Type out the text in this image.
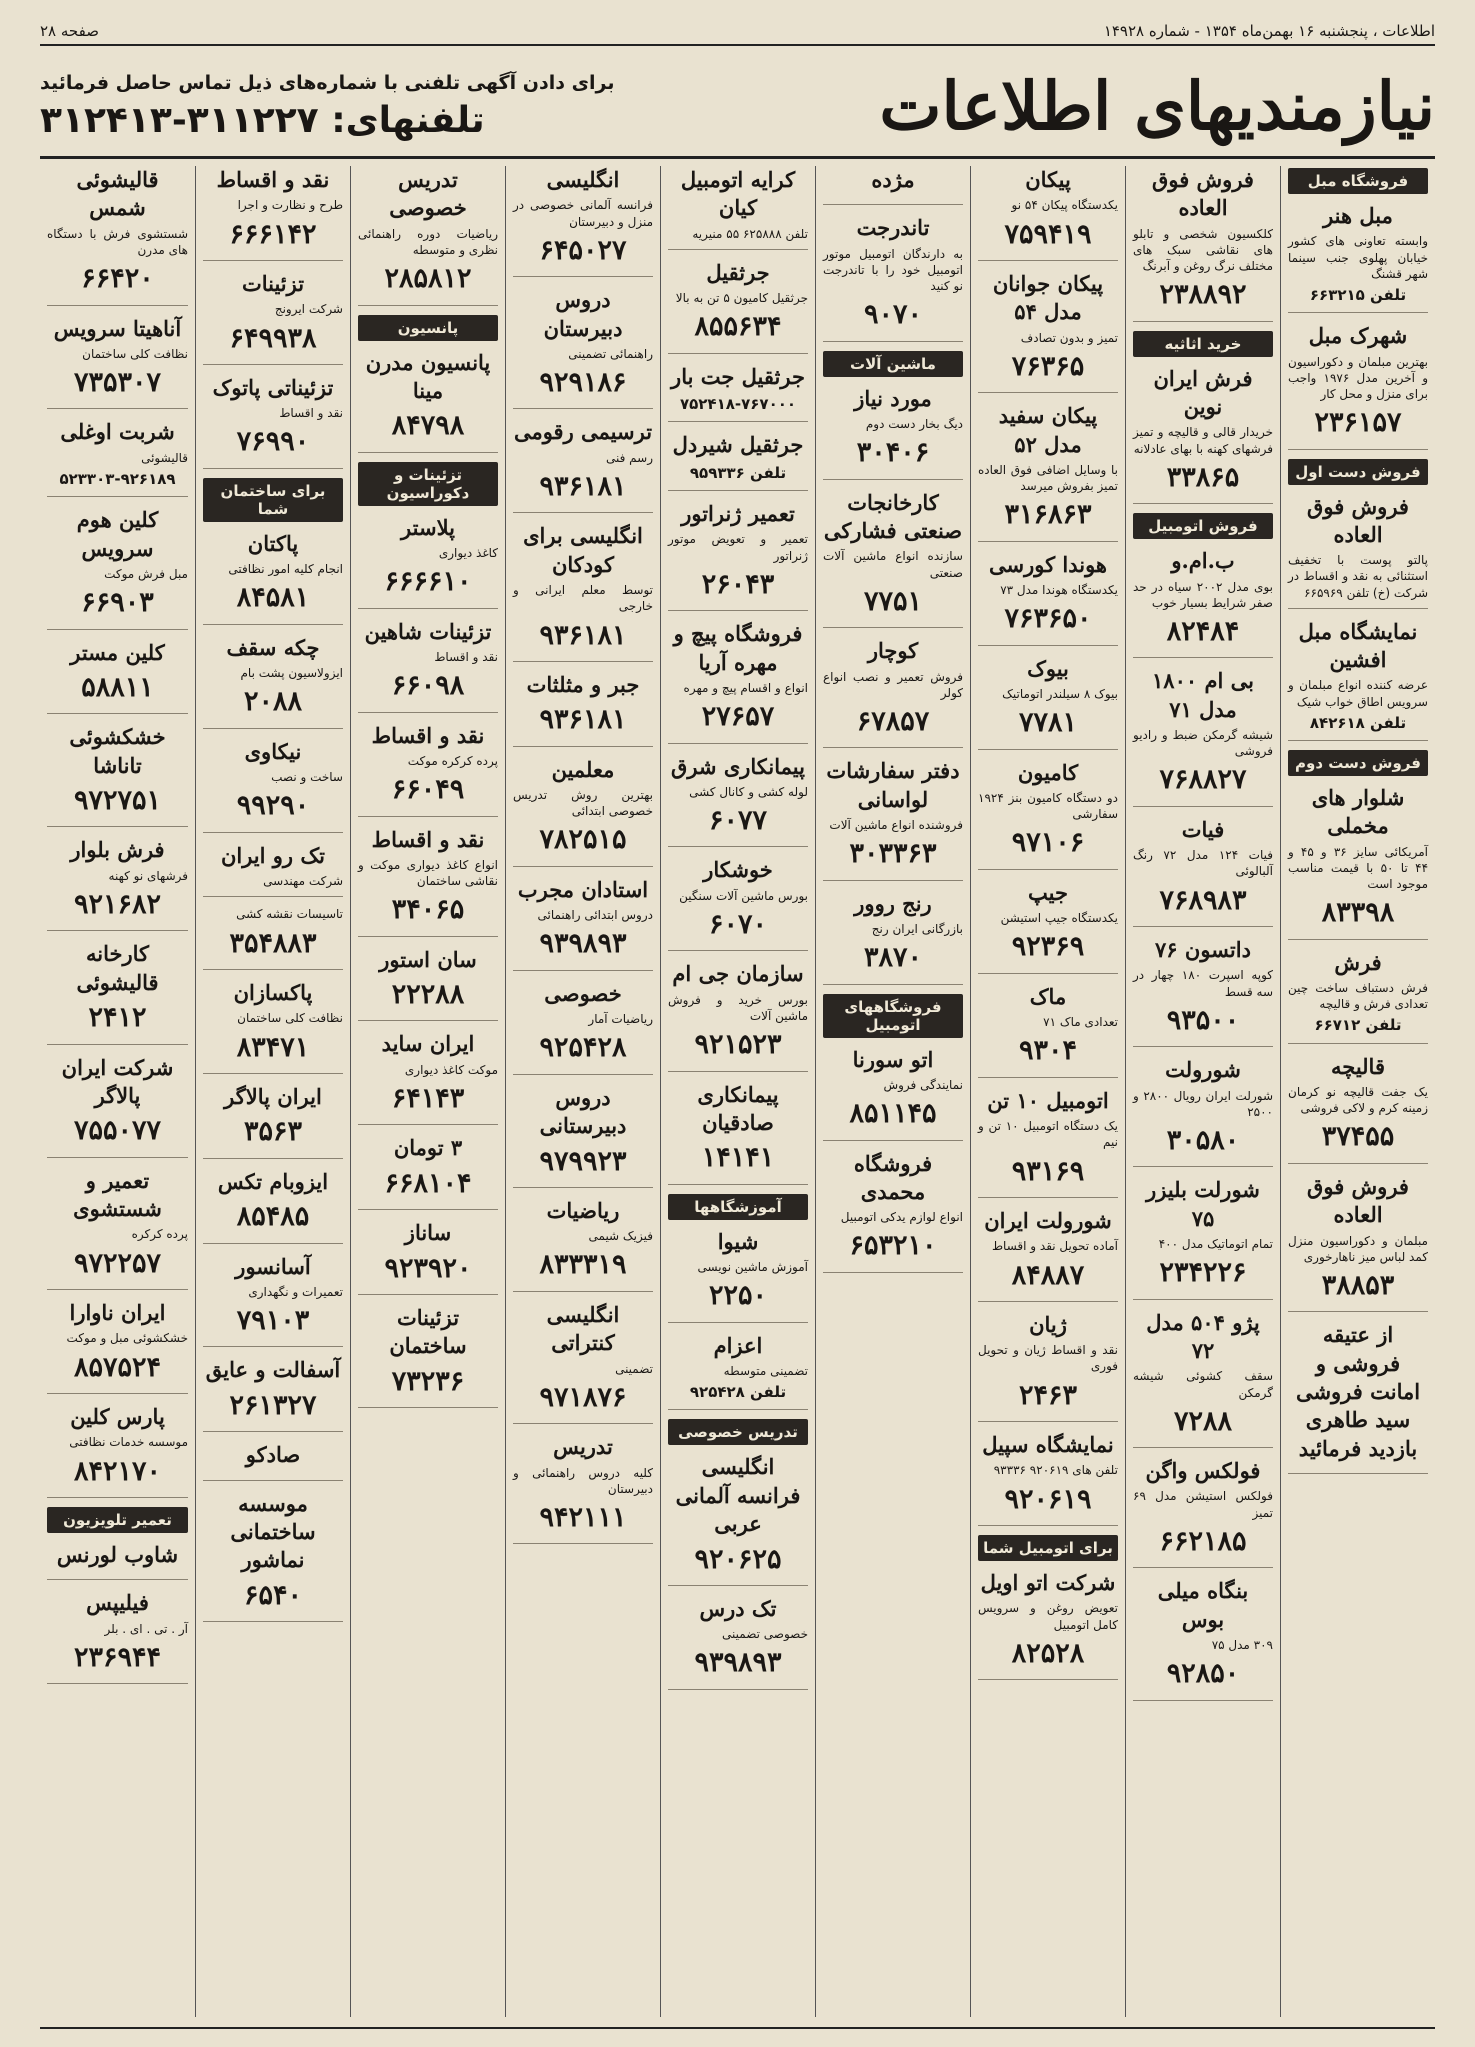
اطلاعات ، پنجشنبه ۱۶ بهمن‌ماه ۱۳۵۴ - شماره ۱۴۹۲۸
صفحه ۲۸
نیازمندیهای اطلاعات
برای دادن آگهی تلفنی با شماره‌های ذیل تماس حاصل فرمائید
تلفنهای: ۳۱۱۲۲۷-۳۱۲۴۱۳
فروشگاه مبل
مبل هنر
وابسته تعاونی های کشور خیابان پهلوی جنب سینما شهر قشنگ
تلفن ۶۶۳۲۱۵
شهرک مبل
بهترین مبلمان و دکوراسیون و آخرین مدل ۱۹۷۶ واجب برای منزل و محل کار
۲۳۶۱۵۷
فروش دست اول
فروش فوق العاده
پالتو پوست با تخفیف استثنائی به نقد و اقساط در شرکت (خ) تلفن ۶۶۵۹۶۹
نمایشگاه مبل افشین
عرضه کننده انواع مبلمان و سرویس اطاق خواب شیک
تلفن ۸۴۲۶۱۸
فروش دست دوم
شلوار های مخملی
آمریکائی سایز ۳۶ و ۴۵ و ۴۴ تا ۵۰ با قیمت مناسب موجود است
۸۳۳۹۸
فرش
فرش دستباف ساخت چین تعدادی فرش و قالیچه
تلفن ۶۶۷۱۲
قالیچه
یک جفت قالیچه نو کرمان زمینه کرم و لاکی فروشی
۳۷۴۵۵
فروش فوق العاده
مبلمان و دکوراسیون منزل کمد لباس میز ناهارخوری
۳۸۸۵۳
از عتیقه فروشی و امانت فروشی سید طاهری بازدید فرمائید
فروش فوق العاده
کلکسیون شخصی و تابلو های نقاشی سبک های مختلف نرگ روغن و آبرنگ
۲۳۸۸۹۲
خرید اثاثیه
فرش ایران نوین
خریدار قالی و قالیچه و تمیز فرشهای کهنه با بهای عادلانه
۳۳۸۶۵
فروش اتومبیل
ب.ام.و
بوی مدل ۲۰۰۲ سیاه در حد صفر شرایط بسیار خوب
۸۲۴۸۴
بی ام ۱۸۰۰ مدل ۷۱
شیشه گرمکن ضبط و رادیو فروشی
۷۶۸۸۲۷
فیات
فیات ۱۲۴ مدل ۷۲ رنگ آلبالوئی
۷۶۸۹۸۳
داتسون ۷۶
کوپه اسپرت ۱۸۰ چهار در سه قسط
۹۳۵۰۰
شورولت
شورلت ایران رویال ۲۸۰۰ و ۲۵۰۰
۳۰۵۸۰
شورلت بلیزر ۷۵
تمام اتوماتیک مدل ۴۰۰
۲۳۴۲۲۶
پژو ۵۰۴ مدل ۷۲
سقف کشوئی شیشه گرمکن
۷۲۸۸
فولکس واگن
فولکس استیشن مدل ۶۹ تمیز
۶۶۲۱۸۵
بنگاه میلی بوس
۳۰۹ مدل ۷۵
۹۲۸۵۰
پیکان
یکدستگاه پیکان ۵۴ نو
۷۵۹۴۱۹
پیکان جوانان مدل ۵۴
تمیز و بدون تصادف
۷۶۳۶۵
پیکان سفید مدل ۵۲
با وسایل اضافی فوق العاده تمیز بفروش میرسد
۳۱۶۸۶۳
هوندا کورسی
یکدستگاه هوندا مدل ۷۳
۷۶۳۶۵۰
بیوک
بیوک ۸ سیلندر اتوماتیک
۷۷۸۱
کامیون
دو دستگاه کامیون بنز ۱۹۲۴ سفارشی
۹۷۱۰۶
جیپ
یکدستگاه جیپ استیشن
۹۲۳۶۹
ماک
تعدادی ماک ۷۱
۹۳۰۴
اتومبیل ۱۰ تن
یک دستگاه اتومبیل ۱۰ تن و نیم
۹۳۱۶۹
شورولت ایران
آماده تحویل نقد و اقساط
۸۴۸۸۷
ژیان
نقد و اقساط ژیان و تحویل فوری
۲۴۶۳
نمایشگاه سپیل
تلفن های ۹۲۰۶۱۹ ۹۳۳۳۶
۹۲۰۶۱۹
برای اتومبیل شما
شرکت اتو اویل
تعویض روغن و سرویس کامل اتومبیل
۸۲۵۲۸
مژده
تاندرجت
به دارندگان اتومبیل موتور اتومبیل خود را با تاندرجت نو کنید
۹۰۷۰
ماشین آلات
مورد نیاز
دیگ بخار دست دوم
۳۰۴۰۶
کارخانجات صنعتی فشارکی
سازنده انواع ماشین آلات صنعتی
۷۷۵۱
کوچار
فروش تعمیر و نصب انواع کولر
۶۷۸۵۷
دفتر سفارشات لواسانی
فروشنده انواع ماشین آلات
۳۰۳۳۶۳
رنج روور
بازرگانی ایران رنج
۳۸۷۰
فروشگاههای اتومبیل
اتو سورنا
نمایندگی فروش
۸۵۱۱۴۵
فروشگاه محمدی
انواع لوازم یدکی اتومبیل
۶۵۳۲۱۰
کرایه اتومبیل کیان
تلفن ۶۲۵۸۸۸ ۵۵ منیریه
جرثقیل
جرثقیل کامیون ۵ تن به بالا
۸۵۵۶۳۴
جرثقیل جت بار
۷۵۲۴۱۸-۷۶۷۰۰۰
جرثقیل شیردل
تلفن ۹۵۹۳۳۶
تعمیر ژنراتور
تعمیر و تعویض موتور ژنراتور
۲۶۰۴۳
فروشگاه پیچ و مهره آریا
انواع و اقسام پیچ و مهره
۲۷۶۵۷
پیمانکاری شرق
لوله کشی و کانال کشی
۶۰۷۷
خوشکار
بورس ماشین آلات سنگین
۶۰۷۰
سازمان جی ام
بورس خرید و فروش ماشین آلات
۹۲۱۵۲۳
پیمانکاری صادقیان
۱۴۱۴۱
آموزشگاهها
شیوا
آموزش ماشین نویسی
۲۲۵۰
اعزام
تضمینی متوسطه
تلفن ۹۲۵۴۲۸
تدریس خصوصی
انگلیسی فرانسه آلمانی عربی
۹۲۰۶۲۵
تک درس
خصوصی تضمینی
۹۳۹۸۹۳
انگلیسی
فرانسه آلمانی خصوصی در منزل و دبیرستان
۶۴۵۰۲۷
دروس دبیرستان
راهنمائی تضمینی
۹۲۹۱۸۶
ترسیمی رقومی
رسم فنی
۹۳۶۱۸۱
انگلیسی برای کودکان
توسط معلم ایرانی و خارجی
۹۳۶۱۸۱
جبر و مثلثات
۹۳۶۱۸۱
معلمین
بهترین روش تدریس خصوصی ابتدائی
۷۸۲۵۱۵
استادان مجرب
دروس ابتدائی راهنمائی
۹۳۹۸۹۳
خصوصی
ریاضیات آمار
۹۲۵۴۲۸
دروس دبیرستانی
۹۷۹۹۲۳
ریاضیات
فیزیک شیمی
۸۳۳۳۱۹
انگلیسی کنتراتی
تضمینی
۹۷۱۸۷۶
تدریس
کلیه دروس راهنمائی و دبیرستان
۹۴۲۱۱۱
تدریس خصوصی
ریاضیات دوره راهنمائی نظری و متوسطه
۲۸۵۸۱۲
پانسیون
پانسیون مدرن مینا
۸۴۷۹۸
تزئینات و دکوراسیون
پلاستر
کاغذ دیواری
۶۶۶۶۱۰
تزئینات شاهین
نقد و اقساط
۶۶۰۹۸
نقد و اقساط
پرده کرکره موکت
۶۶۰۴۹
نقد و اقساط
انواع کاغذ دیواری موکت و نقاشی ساختمان
۳۴۰۶۵
سان استور
۲۲۲۸۸
ایران ساید
موکت کاغذ دیواری
۶۴۱۴۳
۳ تومان
۶۶۸۱۰۴
ساناز
۹۲۳۹۲۰
تزئینات ساختمان
۷۳۲۳۶
نقد و اقساط
طرح و نظارت و اجرا
۶۶۶۱۴۲
تزئینات
شرکت ایرونج
۶۴۹۹۳۸
تزئیناتی پاتوک
نقد و اقساط
۷۶۹۹۰
برای ساختمان شما
پاکتان
انجام کلیه امور نظافتی
۸۴۵۸۱
چکه سقف
ایزولاسیون پشت بام
۲۰۸۸
نیکاوی
ساخت و نصب
۹۹۲۹۰
تک رو ایران
شرکت مهندسی
تاسیسات نقشه کشی
۳۵۴۸۸۳
پاکسازان
نظافت کلی ساختمان
۸۳۴۷۱
ایران پالاگر
۳۵۶۳
ایزوبام تکس
۸۵۴۸۵
آسانسور
تعمیرات و نگهداری
۷۹۱۰۳
آسفالت و عایق
۲۶۱۳۲۷
صادکو
موسسه ساختمانی نماشور
۶۵۴۰
قالیشوئی شمس
شستشوی فرش با دستگاه های مدرن
۶۶۴۲۰
آناهیتا سرویس
نظافت کلی ساختمان
۷۳۵۳۰۷
شربت اوغلی
قالیشوئی
۵۲۳۳۰۳-۹۲۶۱۸۹
کلین هوم سرویس
مبل فرش موکت
۶۶۹۰۳
کلین مستر
۵۸۸۱۱
خشکشوئی تاناشا
۹۷۲۷۵۱
فرش بلوار
فرشهای نو کهنه
۹۲۱۶۸۲
کارخانه قالیشوئی
۲۴۱۲
شرکت ایران پالاگر
۷۵۵۰۷۷
تعمیر و شستشوی
پرده کرکره
۹۷۲۲۵۷
ایران ناوارا
خشکشوئی مبل و موکت
۸۵۷۵۲۴
پارس کلین
موسسه خدمات نظافتی
۸۴۲۱۷۰
تعمیر تلویزیون
شاوب لورنس
فیلیپس
آر . تی . ای . بلر
۲۳۶۹۴۴
